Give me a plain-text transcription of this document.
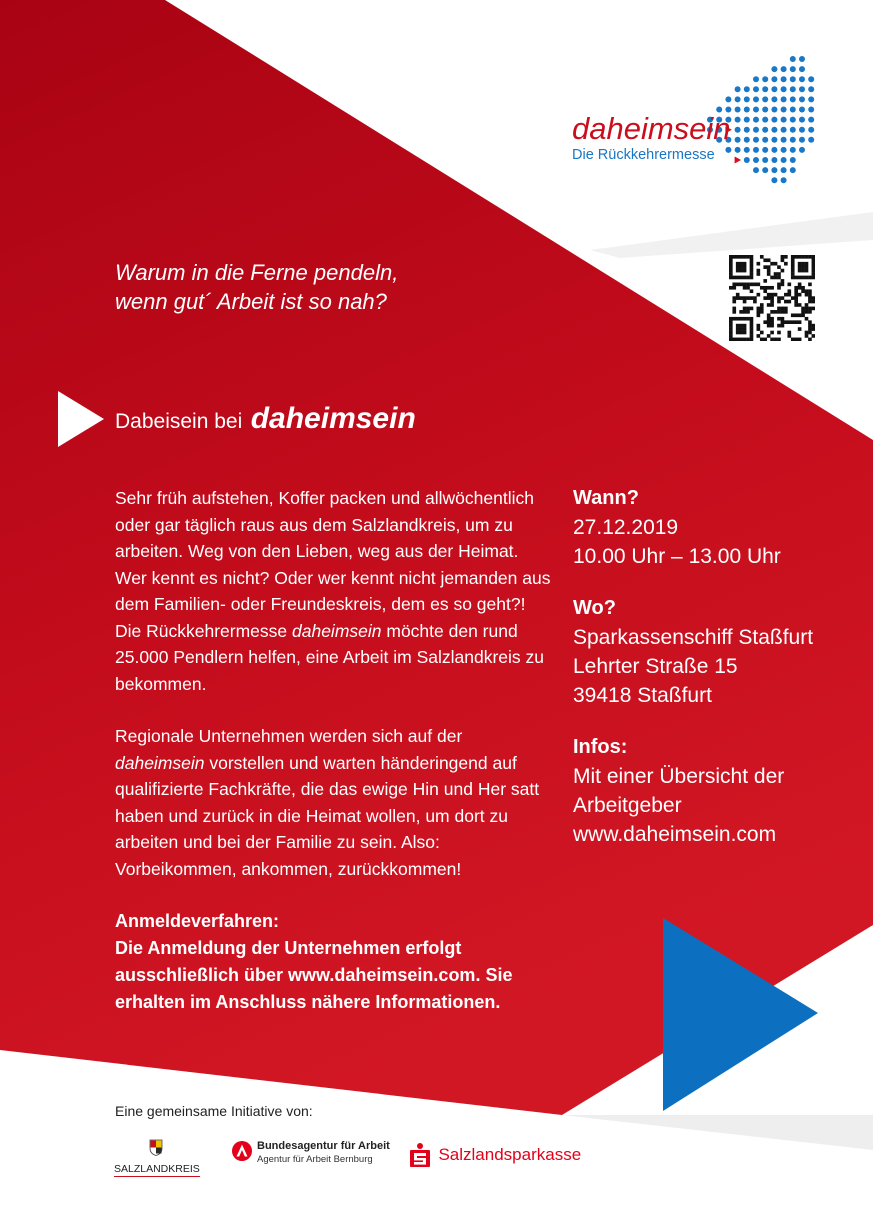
daheimsein
Die Rückkehrermesse
Warum in die Ferne pendeln,
wenn gut´ Arbeit ist so nah?
Dabeisein bei daheimsein

Sehr früh aufstehen, Koffer packen und allwöchentlich oder gar täglich raus aus dem Salzlandkreis, um zu arbeiten. Weg von den Lieben, weg aus der Heimat. Wer kennt es nicht? Oder wer kennt nicht jemanden aus dem Familien- oder Freundeskreis, dem es so geht?! Die Rückkehrermesse daheimsein möchte den rund 25.000 Pendlern helfen, eine Arbeit im Salzlandkreis zu bekommen.

Regionale Unternehmen werden sich auf der daheimsein vorstellen und warten händeringend auf qualifizierte Fachkräfte, die das ewige Hin und Her satt haben und zurück in die Heimat wollen, um dort zu arbeiten und bei der Familie zu sein. Also: Vorbeikommen, ankommen, zurückkommen!

Anmeldeverfahren:
Die Anmeldung der Unternehmen erfolgt ausschließlich über www.daheimsein.com. Sie erhalten im Anschluss nähere Informationen.
Wann?
27.12.2019
10.00 Uhr – 13.00 Uhr
Wo?
Sparkassenschiff Staßfurt
Lehrter Straße 15
39418 Staßfurt
Infos:
Mit einer Übersicht der
Arbeitgeber
www.daheimsein.com
Eine gemeinsame Initiative von:
SALZLANDKREIS
Bundesagentur für Arbeit
Agentur für Arbeit Bernburg	Salzlandsparkasse
